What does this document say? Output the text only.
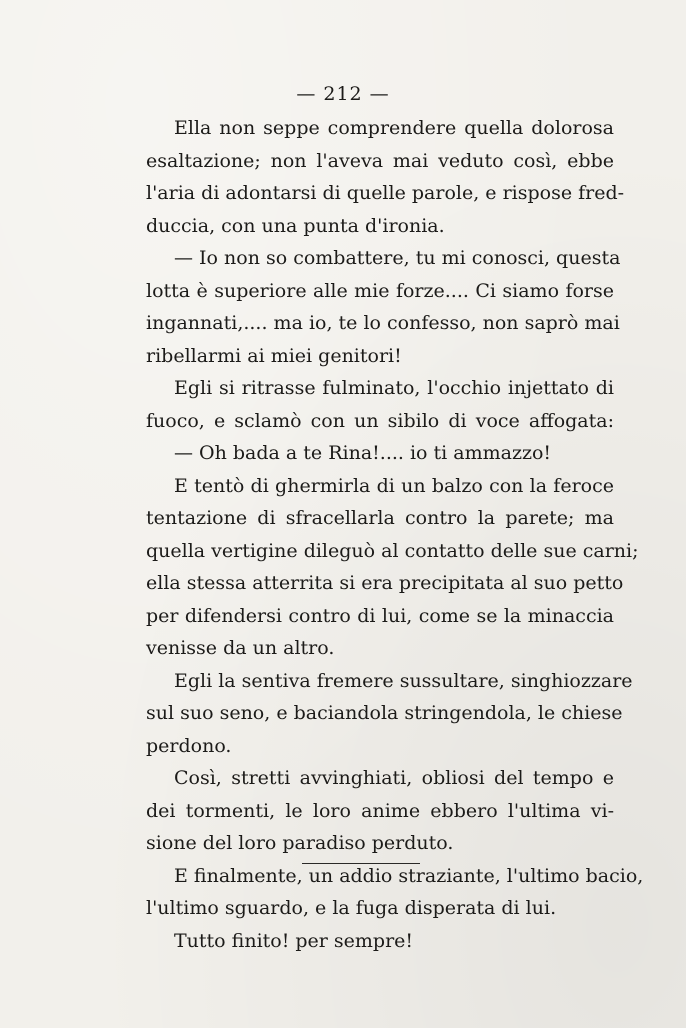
— 212 —
Ella non seppe comprendere quella dolorosa
esaltazione; non l'aveva mai veduto così, ebbe
l'aria di adontarsi di quelle parole, e rispose fred-
duccia, con una punta d'ironia.
— Io non so combattere, tu mi conosci, questa
lotta è superiore alle mie forze.... Ci siamo forse
ingannati,.... ma io, te lo confesso, non saprò mai
ribellarmi ai miei genitori!
Egli si ritrasse fulminato, l'occhio injettato di
fuoco, e sclamò con un sibilo di voce affogata:
— Oh bada a te Rina!.... io ti ammazzo!
E tentò di ghermirla di un balzo con la feroce
tentazione di sfracellarla contro la parete; ma
quella vertigine dileguò al contatto delle sue carni;
ella stessa atterrita si era precipitata al suo petto
per difendersi contro di lui, come se la minaccia
venisse da un altro.
Egli la sentiva fremere sussultare, singhiozzare
sul suo seno, e baciandola stringendola, le chiese
perdono.
Così, stretti avvinghiati, obliosi del tempo e
dei tormenti, le loro anime ebbero l'ultima vi-
sione del loro paradiso perduto.
E finalmente, un addio straziante, l'ultimo bacio,
l'ultimo sguardo, e la fuga disperata di lui.
Tutto finito! per sempre!
